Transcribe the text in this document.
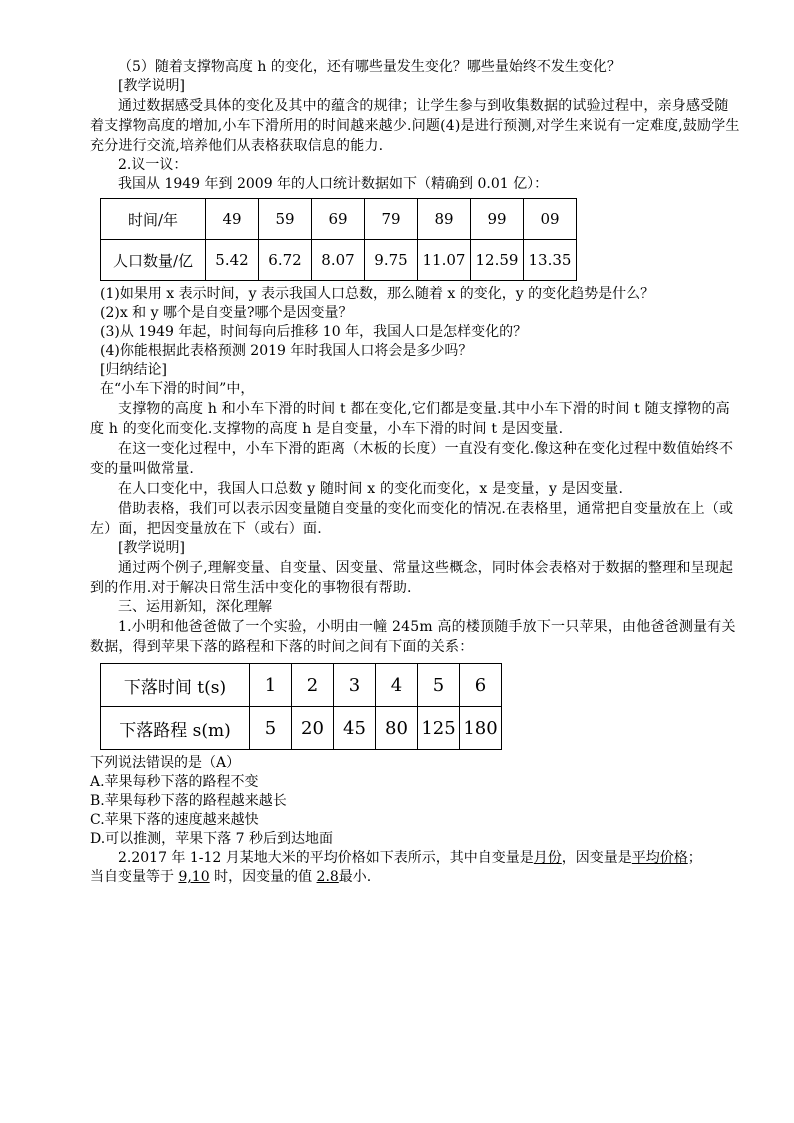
（5）随着支撑物高度 h 的变化，还有哪些量发生变化？哪些量始终不发生变化？

[教学说明]

通过数据感受具体的变化及其中的蕴含的规律；让学生参与到收集数据的试验过程中，亲身感受随着支撑物高度的增加,小车下滑所用的时间越来越少.问题(4)是进行预测,对学生来说有一定难度,鼓励学生充分进行交流,培养他们从表格获取信息的能力.

2.议一议：

我国从 1949 年到 2009 年的人口统计数据如下（精确到 0.01 亿）：

时间/年	49	59	69	79	89	99	09
人口数量/亿	5.42	6.72	8.07	9.75	11.07	12.59	13.35

(1)如果用 x 表示时间，y 表示我国人口总数，那么随着 x 的变化，y 的变化趋势是什么？

(2)x 和 y 哪个是自变量?哪个是因变量？

(3)从 1949 年起，时间每向后推移 10 年，我国人口是怎样变化的？

(4)你能根据此表格预测 2019 年时我国人口将会是多少吗？

[归纳结论]

在“小车下滑的时间”中，

支撑物的高度 h 和小车下滑的时间 t 都在变化,它们都是变量.其中小车下滑的时间 t 随支撑物的高度 h 的变化而变化.支撑物的高度 h 是自变量，小车下滑的时间 t 是因变量.

在这一变化过程中，小车下滑的距离（木板的长度）一直没有变化.像这种在变化过程中数值始终不变的量叫做常量.

在人口变化中，我国人口总数 y 随时间 x 的变化而变化，x 是变量，y 是因变量.

借助表格，我们可以表示因变量随自变量的变化而变化的情况.在表格里，通常把自变量放在上（或左）面，把因变量放在下（或右）面.

[教学说明]

通过两个例子,理解变量、自变量、因变量、常量这些概念，同时体会表格对于数据的整理和呈现起到的作用.对于解决日常生活中变化的事物很有帮助.

三、运用新知，深化理解

1.小明和他爸爸做了一个实验，小明由一幢 245m 高的楼顶随手放下一只苹果，由他爸爸测量有关数据，得到苹果下落的路程和下落的时间之间有下面的关系：

下落时间 t(s)	1	2	3	4	5	6
下落路程 s(m)	5	20	45	80	125	180

下列说法错误的是（A）

A.苹果每秒下落的路程不变

B.苹果每秒下落的路程越来越长

C.苹果下落的速度越来越快

D.可以推测，苹果下落 7 秒后到达地面

2.2017 年 1-12 月某地大米的平均价格如下表所示，其中自变量是月份，因变量是平均价格；

当自变量等于 9,10 时，因变量的值 2.8最小.
